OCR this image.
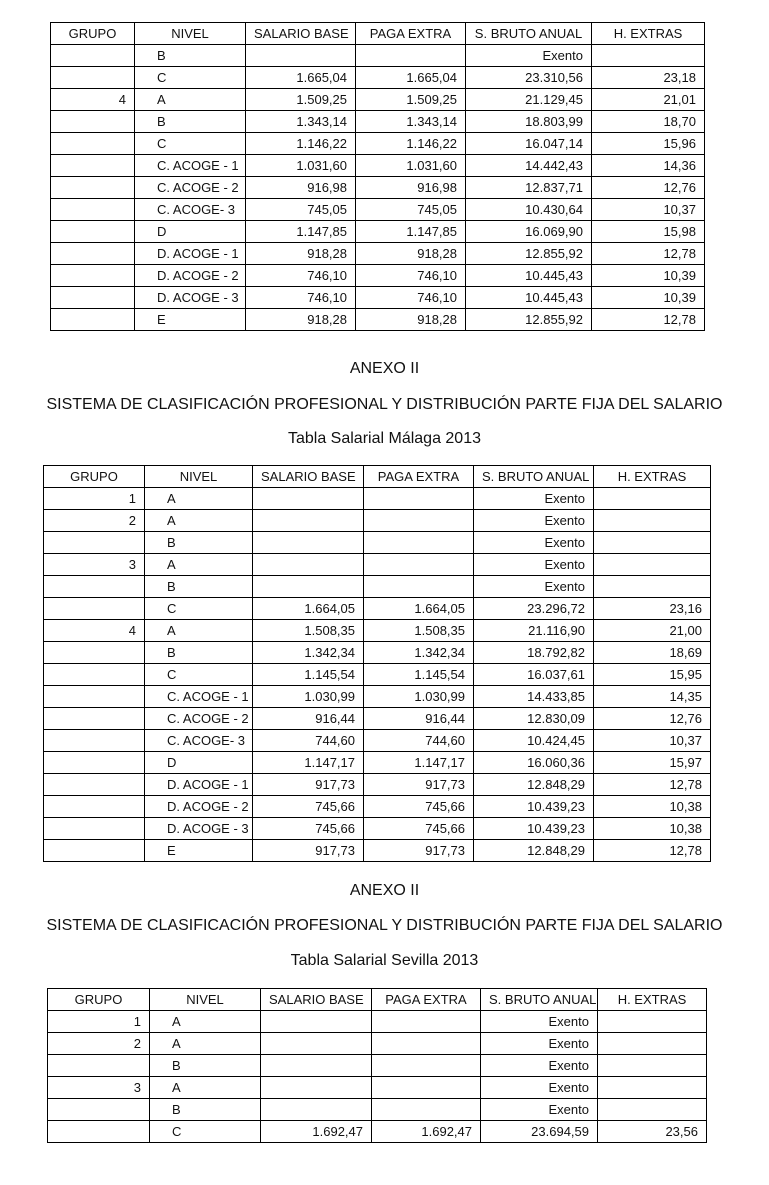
GRUPO	NIVEL	SALARIO BASE	PAGA EXTRA	S. BRUTO ANUAL	H. EXTRAS
	B			Exento	
	C	1.665,04	1.665,04	23.310,56	23,18
4	A	1.509,25	1.509,25	21.129,45	21,01
	B	1.343,14	1.343,14	18.803,99	18,70
	C	1.146,22	1.146,22	16.047,14	15,96
	C. ACOGE - 1	1.031,60	1.031,60	14.442,43	14,36
	C. ACOGE - 2	916,98	916,98	12.837,71	12,76
	C. ACOGE- 3	745,05	745,05	10.430,64	10,37
	D	1.147,85	1.147,85	16.069,90	15,98
	D. ACOGE - 1	918,28	918,28	12.855,92	12,78
	D. ACOGE - 2	746,10	746,10	10.445,43	10,39
	D. ACOGE - 3	746,10	746,10	10.445,43	10,39
	E	918,28	918,28	12.855,92	12,78
ANEXO II
SISTEMA DE CLASIFICACIÓN PROFESIONAL Y DISTRIBUCIÓN PARTE FIJA DEL SALARIO
Tabla Salarial Málaga 2013
GRUPO	NIVEL	SALARIO BASE	PAGA EXTRA	S. BRUTO ANUAL	H. EXTRAS
1	A			Exento	
2	A			Exento	
	B			Exento	
3	A			Exento	
	B			Exento	
	C	1.664,05	1.664,05	23.296,72	23,16
4	A	1.508,35	1.508,35	21.116,90	21,00
	B	1.342,34	1.342,34	18.792,82	18,69
	C	1.145,54	1.145,54	16.037,61	15,95
	C. ACOGE - 1	1.030,99	1.030,99	14.433,85	14,35
	C. ACOGE - 2	916,44	916,44	12.830,09	12,76
	C. ACOGE- 3	744,60	744,60	10.424,45	10,37
	D	1.147,17	1.147,17	16.060,36	15,97
	D. ACOGE - 1	917,73	917,73	12.848,29	12,78
	D. ACOGE - 2	745,66	745,66	10.439,23	10,38
	D. ACOGE - 3	745,66	745,66	10.439,23	10,38
	E	917,73	917,73	12.848,29	12,78
ANEXO II
SISTEMA DE CLASIFICACIÓN PROFESIONAL Y DISTRIBUCIÓN PARTE FIJA DEL SALARIO
Tabla Salarial Sevilla 2013
GRUPO	NIVEL	SALARIO BASE	PAGA EXTRA	S. BRUTO ANUAL	H. EXTRAS
1	A			Exento	
2	A			Exento	
	B			Exento	
3	A			Exento	
	B			Exento	
	C	1.692,47	1.692,47	23.694,59	23,56
